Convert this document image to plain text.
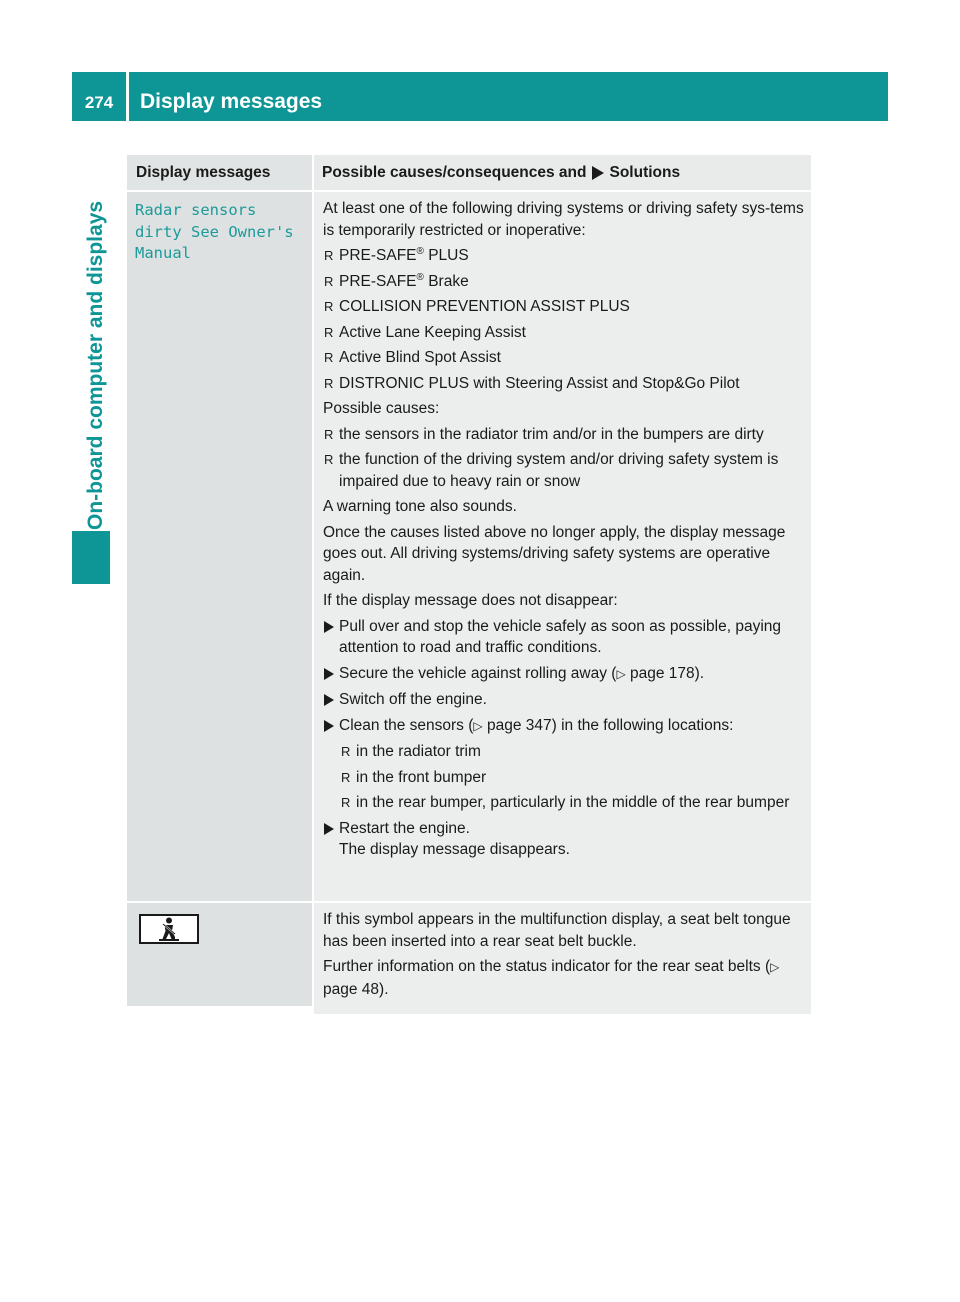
274	Display messages
On-board computer and displays
Display messages	Possible causes/consequences and Solutions
Radar sensors
dirty See Owner's
Manual

At least one of the following driving systems or driving safety sys-tems is temporarily restricted or inoperative:

R PRE-SAFE® PLUS
R PRE-SAFE® Brake
R COLLISION PREVENTION ASSIST PLUS
R Active Lane Keeping Assist
R Active Blind Spot Assist
R DISTRONIC PLUS with Steering Assist and Stop&Go Pilot

Possible causes:

R the sensors in the radiator trim and/or in the bumpers are dirty
R the function of the driving system and/or driving safety system is impaired due to heavy rain or snow

A warning tone also sounds.

Once the causes listed above no longer apply, the display message goes out. All driving systems/driving safety systems are operative again.

If the display message does not disappear:

Pull over and stop the vehicle safely as soon as possible, paying attention to road and traffic conditions.
Secure the vehicle against rolling away (▷ page 178).
Switch off the engine.
Clean the sensors (▷ page 347) in the following locations:
R in the radiator trim
R in the front bumper
R in the rear bumper, particularly in the middle of the rear bumper
Restart the engine.
The display message disappears.

If this symbol appears in the multifunction display, a seat belt tongue has been inserted into a rear seat belt buckle.

Further information on the status indicator for the rear seat belts (▷ page 48).
